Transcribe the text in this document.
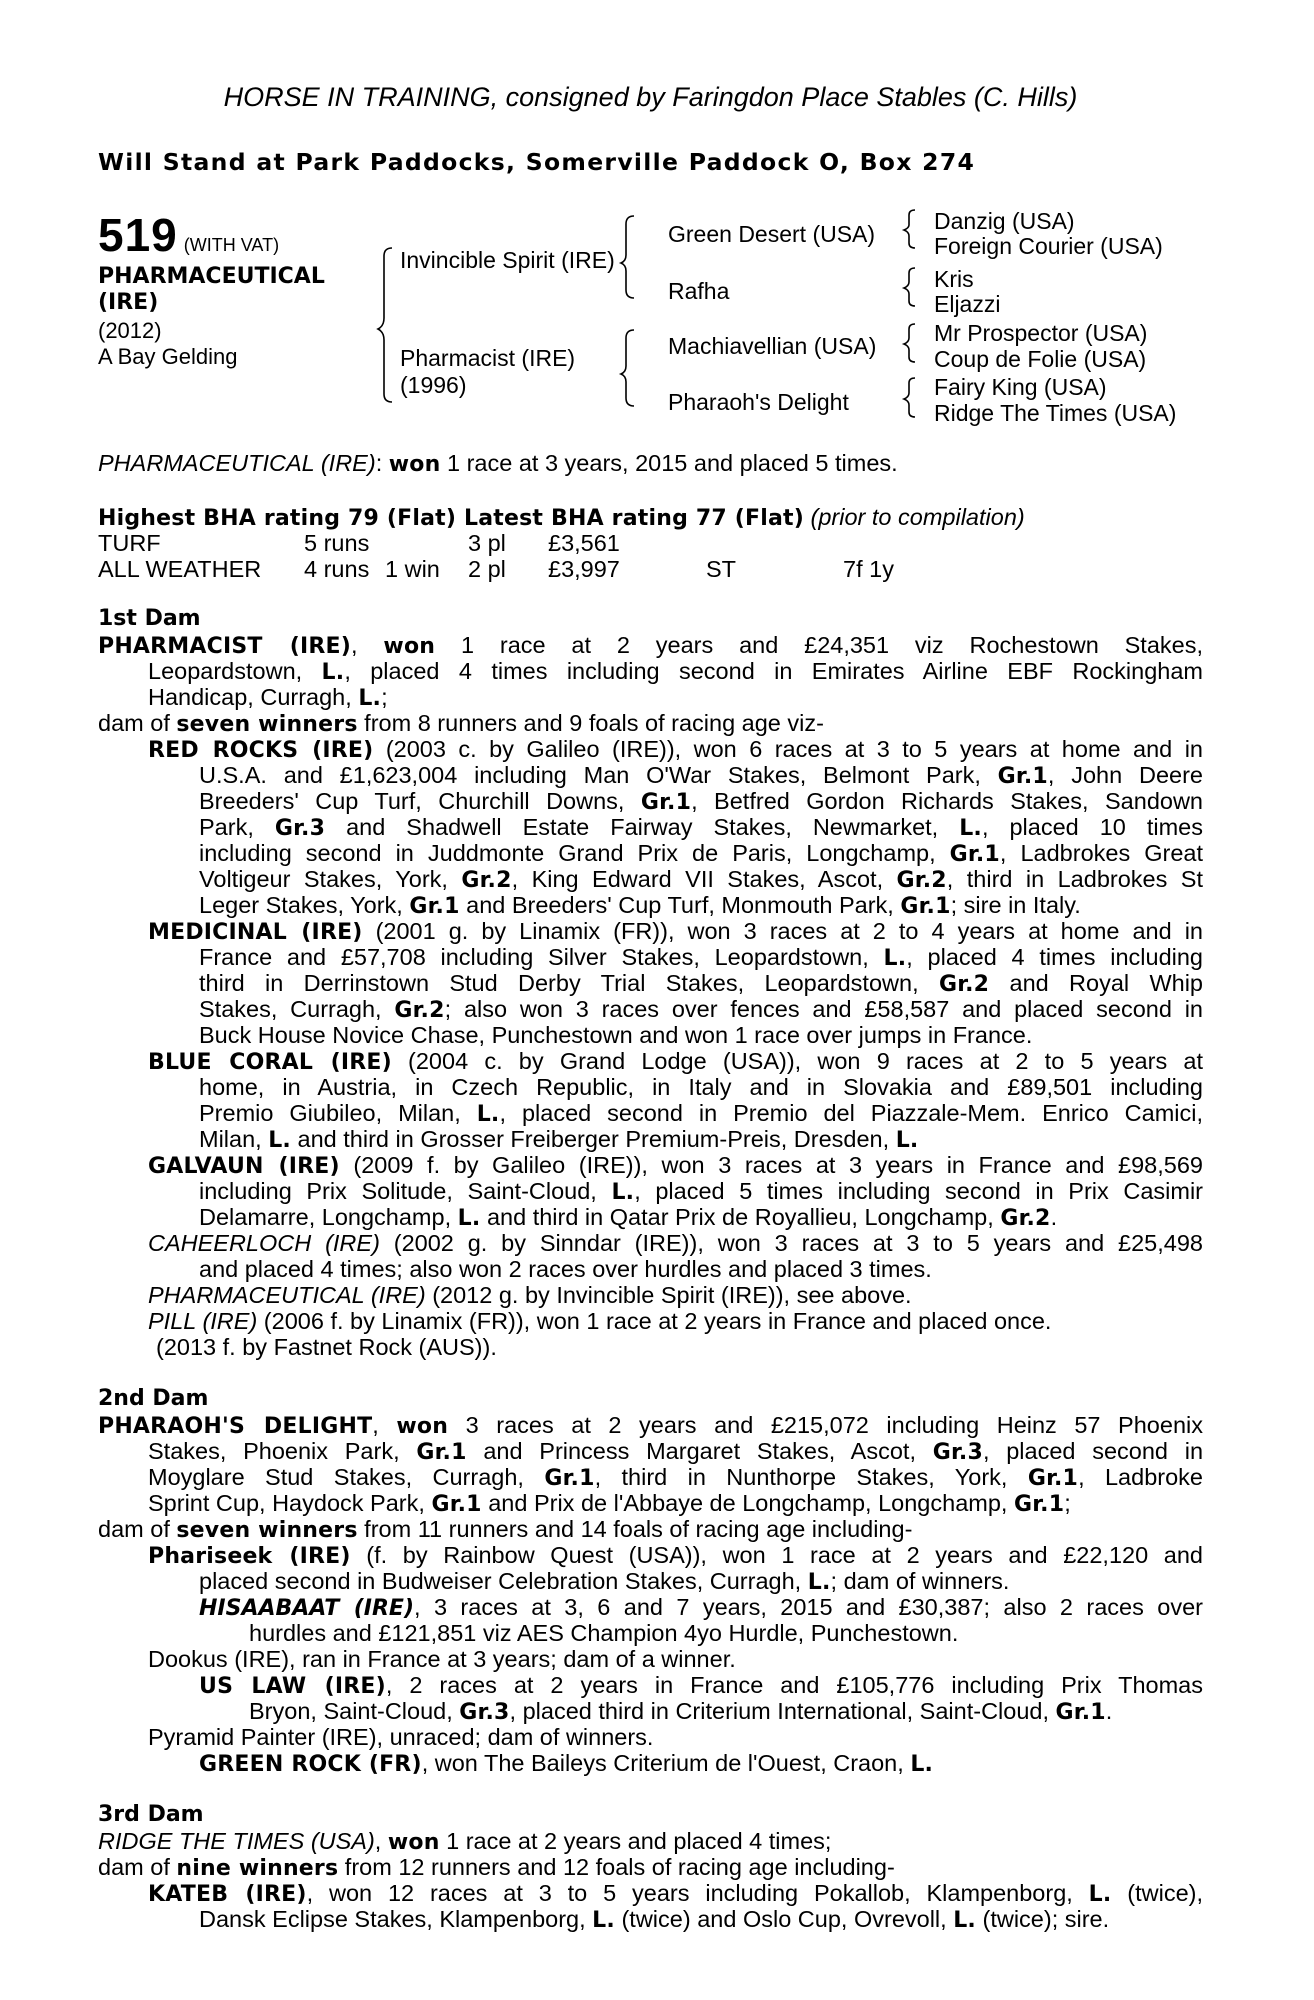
HORSE IN TRAINING, consigned by Faringdon Place Stables (C. Hills)
Will Stand at Park Paddocks, Somerville Paddock O, Box 274
519 (WITH VAT)
PHARMACEUTICAL
(IRE)
(2012)
A Bay Gelding
Invincible Spirit (IRE)
Pharmacist (IRE)
(1996)
Green Desert (USA)
Rafha
Machiavellian (USA)
Pharaoh's Delight
Danzig (USA)
Foreign Courier (USA)
Kris
Eljazzi
Mr Prospector (USA)
Coup de Folie (USA)
Fairy King (USA)
Ridge The Times (USA)
PHARMACEUTICAL (IRE): won 1 race at 3 years, 2015 and placed 5 times.
Highest BHA rating 79 (Flat) Latest BHA rating 77 (Flat) (prior to compilation)
TURF	5 runs	3 pl £3,561
ALL WEATHER 4 runs 1 win 2 pl £3,997	ST	7f 1y
1st Dam
PHARMACIST (IRE), won 1 race at 2 years and £24,351 viz Rochestown Stakes,
Leopardstown, L., placed 4 times including second in Emirates Airline EBF Rockingham
Handicap, Curragh, L.;
dam of seven winners from 8 runners and 9 foals of racing age viz-
RED ROCKS (IRE) (2003 c. by Galileo (IRE)), won 6 races at 3 to 5 years at home and in
U.S.A. and £1,623,004 including Man O'War Stakes, Belmont Park, Gr.1, John Deere
Breeders' Cup Turf, Churchill Downs, Gr.1, Betfred Gordon Richards Stakes, Sandown
Park, Gr.3 and Shadwell Estate Fairway Stakes, Newmarket, L., placed 10 times
including second in Juddmonte Grand Prix de Paris, Longchamp, Gr.1, Ladbrokes Great
Voltigeur Stakes, York, Gr.2, King Edward VII Stakes, Ascot, Gr.2, third in Ladbrokes St
Leger Stakes, York, Gr.1 and Breeders' Cup Turf, Monmouth Park, Gr.1; sire in Italy.
MEDICINAL (IRE) (2001 g. by Linamix (FR)), won 3 races at 2 to 4 years at home and in
France and £57,708 including Silver Stakes, Leopardstown, L., placed 4 times including
third in Derrinstown Stud Derby Trial Stakes, Leopardstown, Gr.2 and Royal Whip
Stakes, Curragh, Gr.2; also won 3 races over fences and £58,587 and placed second in
Buck House Novice Chase, Punchestown and won 1 race over jumps in France.
BLUE CORAL (IRE) (2004 c. by Grand Lodge (USA)), won 9 races at 2 to 5 years at
home, in Austria, in Czech Republic, in Italy and in Slovakia and £89,501 including
Premio Giubileo, Milan, L., placed second in Premio del Piazzale-Mem. Enrico Camici,
Milan, L. and third in Grosser Freiberger Premium-Preis, Dresden, L.
GALVAUN (IRE) (2009 f. by Galileo (IRE)), won 3 races at 3 years in France and £98,569
including Prix Solitude, Saint-Cloud, L., placed 5 times including second in Prix Casimir
Delamarre, Longchamp, L. and third in Qatar Prix de Royallieu, Longchamp, Gr.2.
CAHEERLOCH (IRE) (2002 g. by Sinndar (IRE)), won 3 races at 3 to 5 years and £25,498
and placed 4 times; also won 2 races over hurdles and placed 3 times.
PHARMACEUTICAL (IRE) (2012 g. by Invincible Spirit (IRE)), see above.
PILL (IRE) (2006 f. by Linamix (FR)), won 1 race at 2 years in France and placed once.
(2013 f. by Fastnet Rock (AUS)).
2nd Dam
PHARAOH'S DELIGHT, won 3 races at 2 years and £215,072 including Heinz 57 Phoenix
Stakes, Phoenix Park, Gr.1 and Princess Margaret Stakes, Ascot, Gr.3, placed second in
Moyglare Stud Stakes, Curragh, Gr.1, third in Nunthorpe Stakes, York, Gr.1, Ladbroke
Sprint Cup, Haydock Park, Gr.1 and Prix de l'Abbaye de Longchamp, Longchamp, Gr.1;
dam of seven winners from 11 runners and 14 foals of racing age including-
Phariseek (IRE) (f. by Rainbow Quest (USA)), won 1 race at 2 years and £22,120 and
placed second in Budweiser Celebration Stakes, Curragh, L.; dam of winners.
HISAABAAT (IRE), 3 races at 3, 6 and 7 years, 2015 and £30,387; also 2 races over
hurdles and £121,851 viz AES Champion 4yo Hurdle, Punchestown.
Dookus (IRE), ran in France at 3 years; dam of a winner.
US LAW (IRE), 2 races at 2 years in France and £105,776 including Prix Thomas
Bryon, Saint-Cloud, Gr.3, placed third in Criterium International, Saint-Cloud, Gr.1.
Pyramid Painter (IRE), unraced; dam of winners.
GREEN ROCK (FR), won The Baileys Criterium de l'Ouest, Craon, L.
3rd Dam
RIDGE THE TIMES (USA), won 1 race at 2 years and placed 4 times;
dam of nine winners from 12 runners and 12 foals of racing age including-
KATEB (IRE), won 12 races at 3 to 5 years including Pokallob, Klampenborg, L. (twice),
Dansk Eclipse Stakes, Klampenborg, L. (twice) and Oslo Cup, Ovrevoll, L. (twice); sire.
